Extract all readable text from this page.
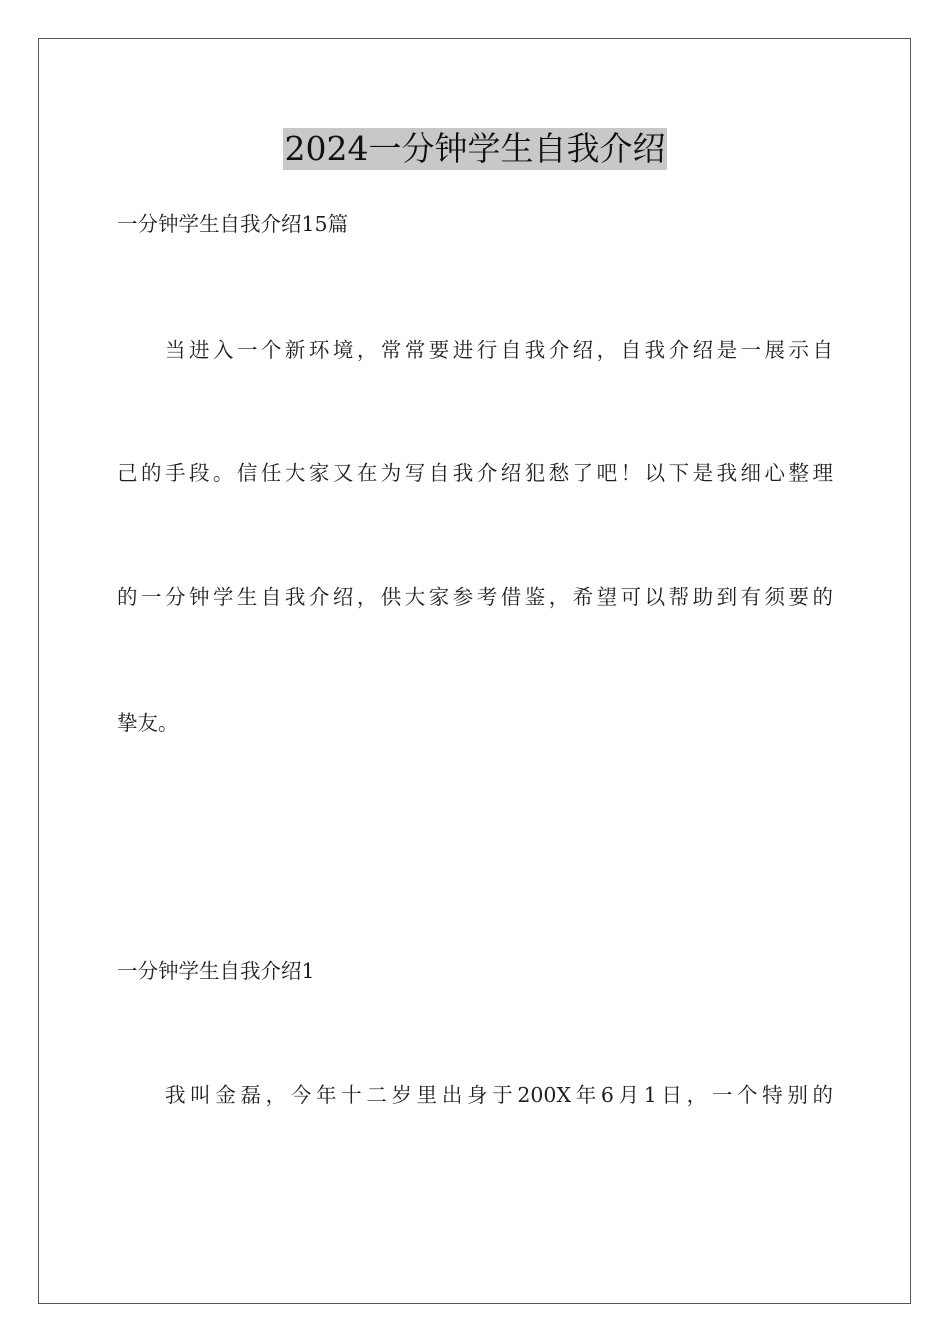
2024一分钟学生自我介绍
一分钟学生自我介绍15篇
当进入一个新环境，常常要进行自我介绍，自我介绍是一展示自
己的手段。信任大家又在为写自我介绍犯愁了吧！以下是我细心整理
的一分钟学生自我介绍，供大家参考借鉴，希望可以帮助到有须要的
挚友。
一分钟学生自我介绍1
我叫金磊，今年十二岁里出身于200X年6月1日，一个特别的
